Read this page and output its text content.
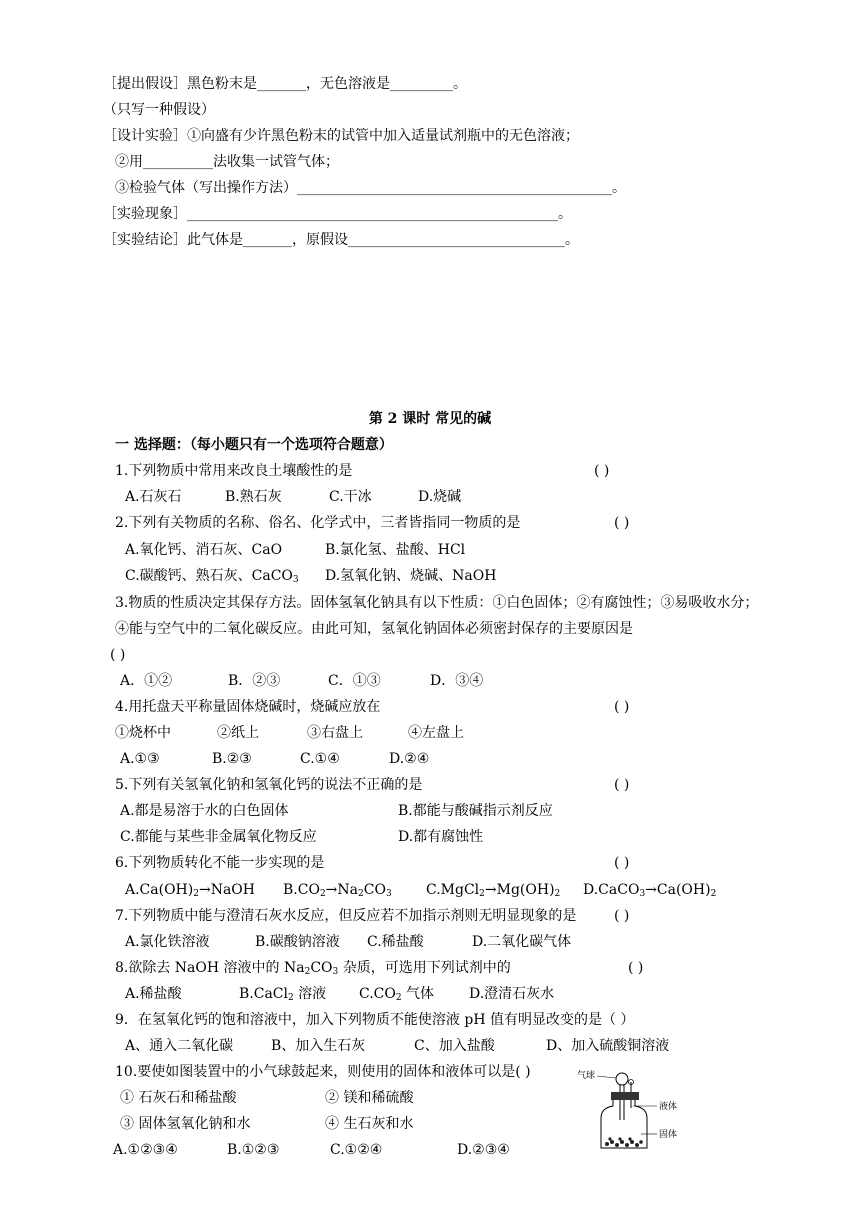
［提出假设］黑色粉末是_______，无色溶液是_________。
（只写一种假设）
［设计实验］①向盛有少许黑色粉末的试管中加入适量试剂瓶中的无色溶液；
②用__________法收集一试管气体；
③检验气体（写出操作方法）_____________________________________________。
［实验现象］_____________________________________________________。
［实验结论］此气体是_______，原假设_______________________________。
第 2 课时 常见的碱
一 选择题：（每小题只有一个选项符合题意）
1.下列物质中常用来改良土壤酸性的是	( )
A.石灰石	B.熟石灰	C.干冰	D.烧碱
2.下列有关物质的名称、俗名、化学式中，三者皆指同一物质的是	( )
A.氧化钙、消石灰、CaO	B.氯化氢、盐酸、HCl
C.碳酸钙、熟石灰、CaCO$_3$ D.氢氧化钠、烧碱、NaOH
3.物质的性质决定其保存方法。固体氢氧化钠具有以下性质：①白色固体；②有腐蚀性；③易吸收水分；
④能与空气中的二氧化碳反应。由此可知，氢氧化钠固体必须密封保存的主要原因是
( )
A．①②	B．②③	C．①③	D．③④
4.用托盘天平称量固体烧碱时，烧碱应放在	( )
①烧杯中	②纸上	③右盘上	④左盘上
A.①③	B.②③	C.①④	D.②④
5.下列有关氢氧化钠和氢氧化钙的说法不正确的是	( )
A.都是易溶于水的白色固体	B.都能与酸碱指示剂反应
C.都能与某些非金属氧化物反应	D.都有腐蚀性
6.下列物质转化不能一步实现的是	( )
$A.Ca(OH)_2\to NaOH$ $B.CO_2\to Na_2CO_3$ $C.MgCl_2\to Mg(OH)_2$ $D.CaCO_3\to Ca(OH)_2$
7.下列物质中能与澄清石灰水反应，但反应若不加指示剂则无明显现象的是	( )
A.氯化铁溶液	B.碳酸钠溶液 C.稀盐酸	D.二氧化碳气体
8.欲除去 NaOH 溶液中的 $Na_2CO_3$ 杂质，可选用下列试剂中的	( )
A.稀盐酸	B.CaCl$_2$ 溶液 $C.CO_2$ 气体 D.澄清石灰水
9．在氢氧化钙的饱和溶液中，加入下列物质不能使溶液 pH 值有明显改变的是（ ）
A、通入二氧化碳	B、加入生石灰	C、加入盐酸	D、加入硫酸铜溶液
10.要使如图装置中的小气球鼓起来，则使用的固体和液体可以是( )
① 石灰石和稀盐酸	② 镁和稀硫酸
③ 固体氢氧化钠和水	④ 生石灰和水
A.①②③④	B.①②③	C.①②④	D.②③④
气球
液体
固体
